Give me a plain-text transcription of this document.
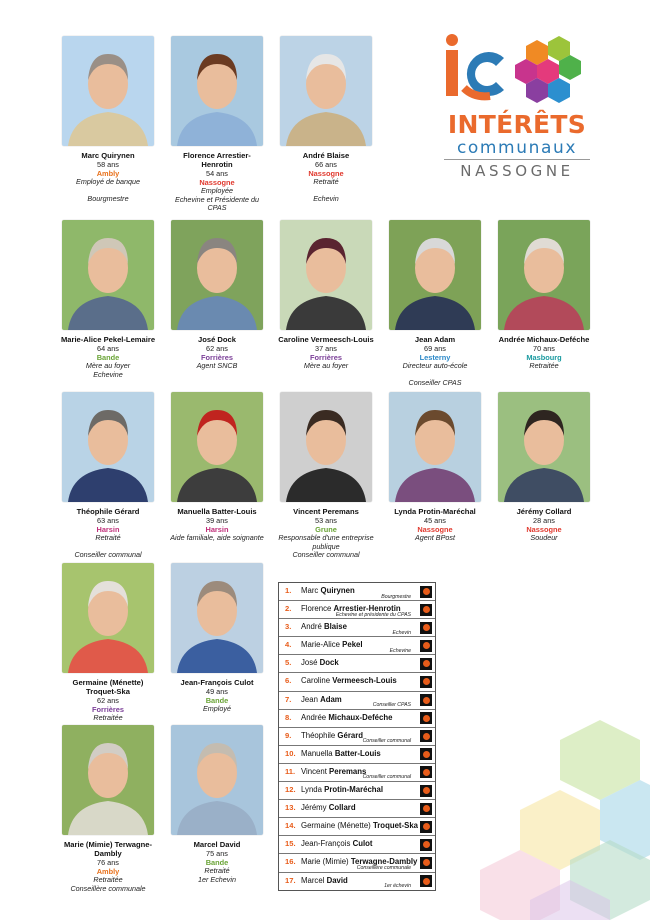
INTÉRÊTS
communaux
NASSOGNE
Marc Quirynen
58 ans
Ambly
Employé de banque
Bourgmestre
Florence Arrestier-Henrotin
54 ans
Nassogne
Employée
Echevine et Présidente du CPAS
André Blaise
66 ans
Nassogne
Retraité
Echevin
Marie-Alice Pekel-Lemaire
64 ans
Bande
Mère au foyer
Echevine
José Dock
62 ans
Forrières
Agent SNCB
Caroline Vermeesch-Louis
37 ans
Forrières
Mère au foyer
Jean Adam
69 ans
Lesterny
Directeur auto-école
Conseiller CPAS
Andrée Michaux-Deféche
70 ans
Masbourg
Retraitée
Théophile Gérard
63 ans
Harsin
Retraité
Conseiller communal
Manuella Batter-Louis
39 ans
Harsin
Aide familiale, aide soignante
Vincent Peremans
53 ans
Grune
Responsable d'une entreprise publique
Conseiller communal
Lynda Protin-Maréchal
45 ans
Nassogne
Agent BPost
Jérémy Collard
28 ans
Nassogne
Soudeur
Germaine (Ménette) Troquet-Ska
62 ans
Forrières
Retraitée
Jean-François Culot
49 ans
Bande
Employé
Marie (Mimie) Terwagne-Dambly
76 ans
Ambly
Retraitée
Conseillère communale
Marcel David
75 ans
Bande
Retraité
1er Echevin
1. Marc Quirynen
Bourgmestre
2. Florence Arrestier-Henrotin
Echevine et présidente du CPAS
3. André Blaise
Echevin
4. Marie-Alice Pekel
Echevine
5. José Dock
6. Caroline Vermeesch-Louis
7. Jean Adam
Conseiller CPAS
8. Andrée Michaux-Deféche
9. Théophile Gérard
Conseiller communal
10. Manuella Batter-Louis
11. Vincent Peremans
Conseiller communal
12. Lynda Protin-Maréchal
13. Jérémy Collard
14. Germaine (Ménette) Troquet-Ska
15. Jean-François Culot
16. Marie (Mimie) Terwagne-Dambly
Conseillère communale
17. Marcel David
1er échevin
